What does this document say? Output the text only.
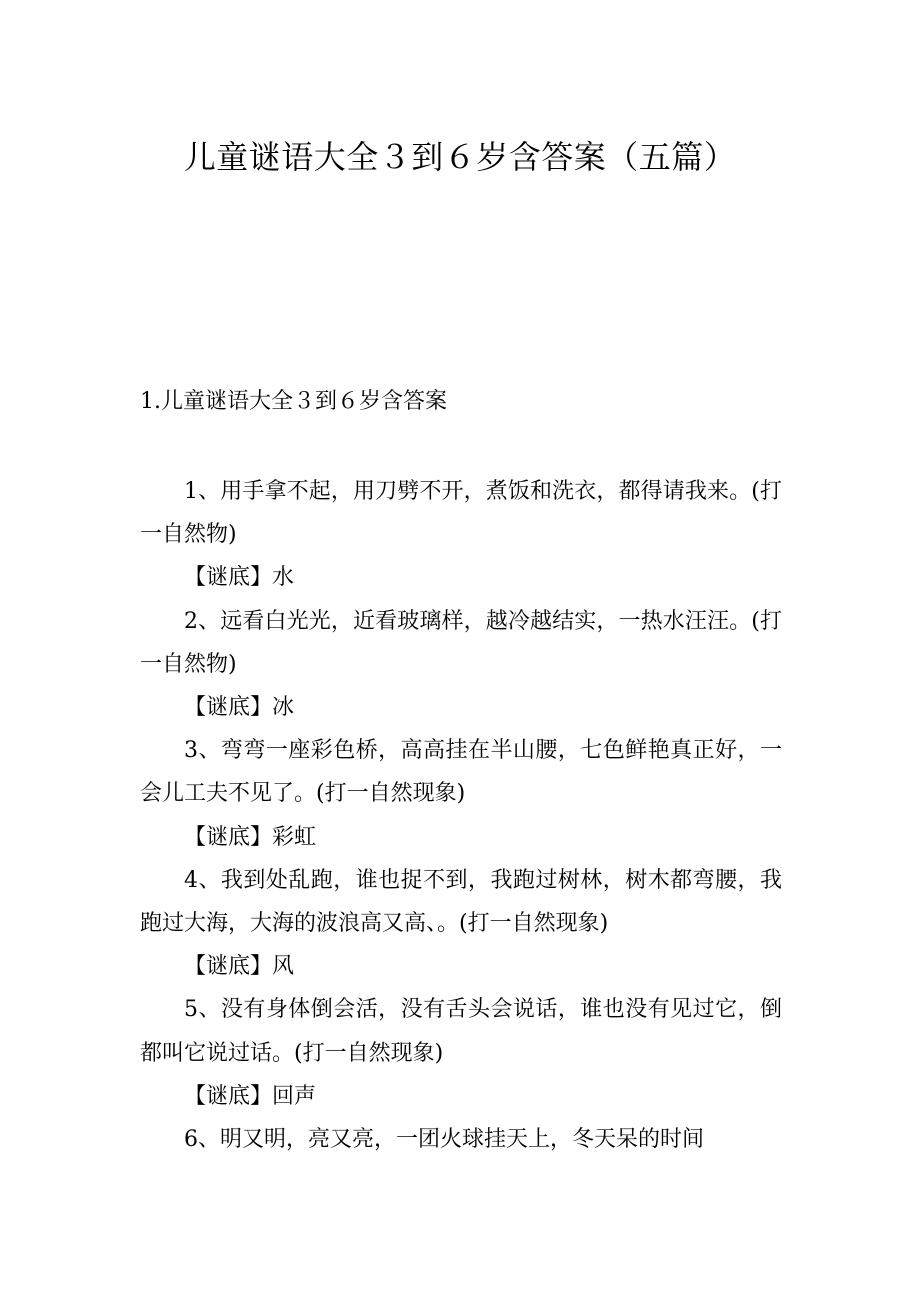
儿童谜语大全３到６岁含答案（五篇）
1.儿童谜语大全３到６岁含答案

1、用手拿不起，用刀劈不开，煮饭和洗衣，都得请我来。(打一自然物)

【谜底】水

2、远看白光光，近看玻璃样，越冷越结实，一热水汪汪。(打一自然物)

【谜底】冰

3、弯弯一座彩色桥，高高挂在半山腰，七色鲜艳真正好，一会儿工夫不见了。(打一自然现象)

【谜底】彩虹

4、我到处乱跑，谁也捉不到，我跑过树林，树木都弯腰，我跑过大海，大海的波浪高又高、。(打一自然现象)

【谜底】风

5、没有身体倒会活，没有舌头会说话，谁也没有见过它，倒都叫它说过话。(打一自然现象)

【谜底】回声

6、明又明，亮又亮，一团火球挂天上，冬天呆的时间
